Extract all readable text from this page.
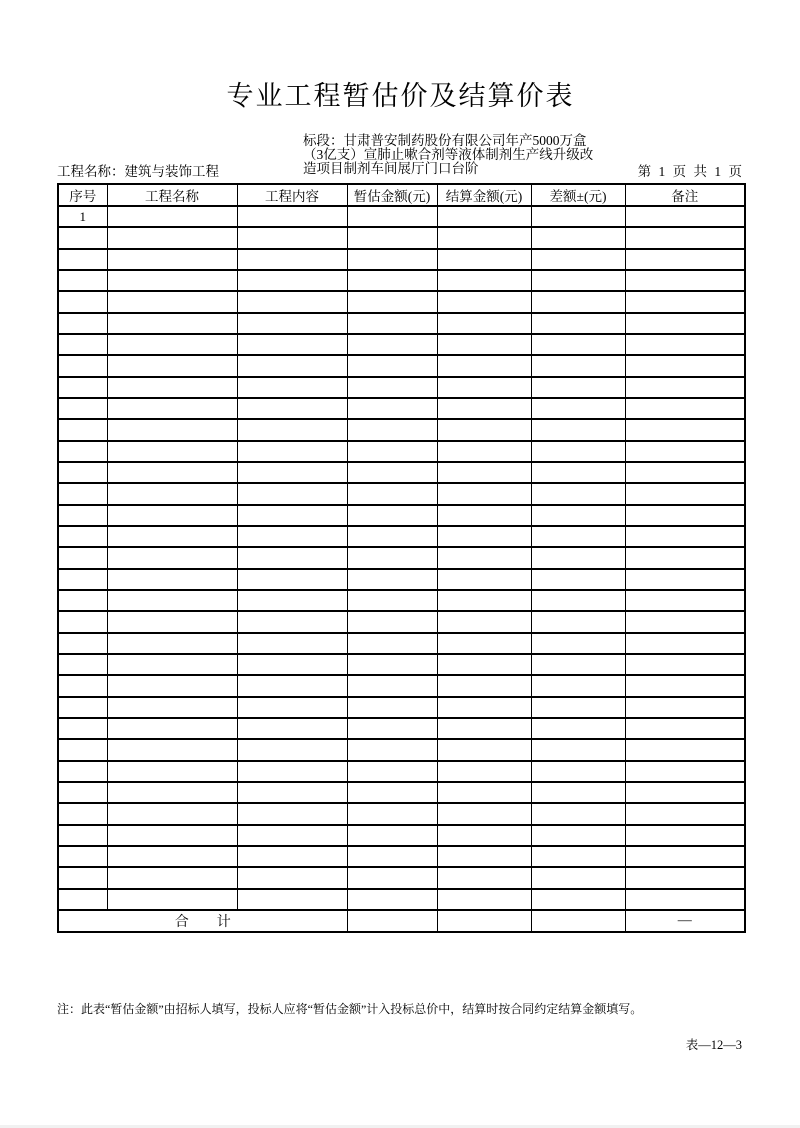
专业工程暂估价及结算价表
标段：甘肃普安制药股份有限公司年产5000万盒
（3亿支）宣肺止嗽合剂等液体制剂生产线升级改
造项目制剂车间展厅门口台阶
工程名称：建筑与装饰工程	第 1 页 共 1 页
序号	工程名称	工程内容	暂估金额(元)	结算金额(元)	差额±(元)	备注
1						

合　　计						—
注：此表“暂估金额”由招标人填写，投标人应将“暂估金额”计入投标总价中，结算时按合同约定结算金额填写。
表—12—3
